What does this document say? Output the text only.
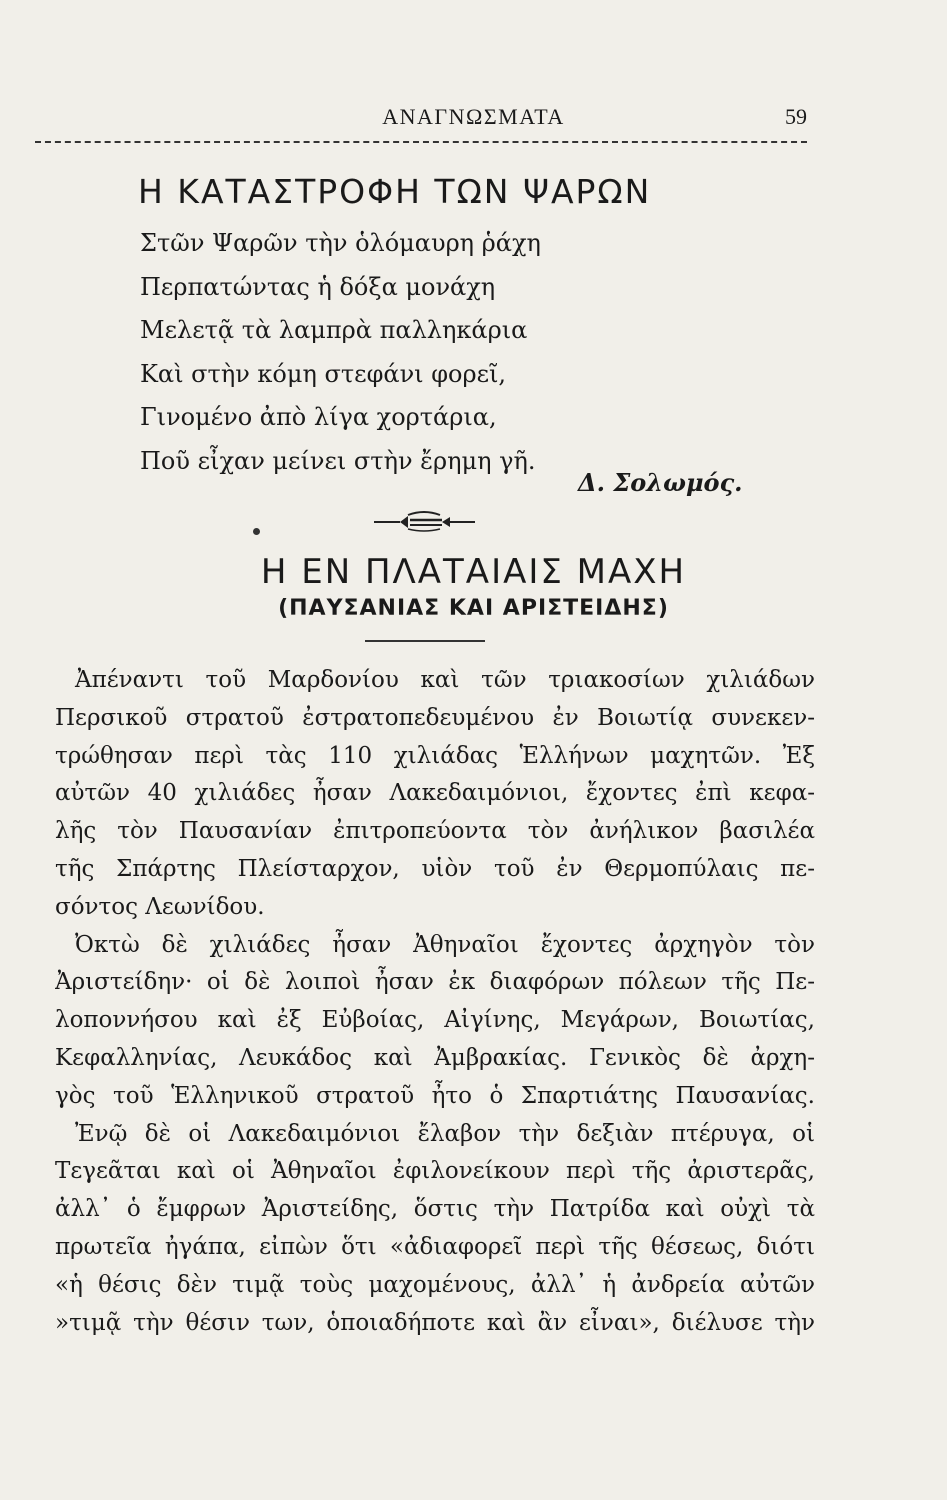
ΑΝΑΓΝΩΣΜΑΤΑ	59
Η ΚΑΤΑΣΤΡΟΦΗ ΤΩΝ ΨΑΡΩΝ
Στῶν Ψαρῶν τὴν ὁλόμαυρη ῥάχη
Περπατώντας ἡ δόξα μονάχη
Μελετᾷ τὰ λαμπρὰ παλληκάρια
Καὶ στὴν κόμη στεφάνι φορεῖ,
Γινομένο ἀπὸ λίγα χορτάρια,
Ποῦ εἶχαν μείνει στὴν ἔρημη γῆ.
Δ. Σολωμός.
Η ΕΝ ΠΛΑΤΑΙΑΙΣ ΜΑΧΗ
(ΠΑΥΣΑΝΙΑΣ ΚΑΙ ΑΡΙΣΤΕΙΔΗΣ)
Ἀπέναντι τοῦ Μαρδονίου καὶ τῶν τριακοσίων χιλιάδων
Περσικοῦ στρατοῦ ἐστρατοπεδευμένου ἐν Βοιωτίᾳ συνεκεν-
τρώθησαν περὶ τὰς 110 χιλιάδας Ἑλλήνων μαχητῶν. Ἐξ
αὐτῶν 40 χιλιάδες ἦσαν Λακεδαιμόνιοι, ἔχοντες ἐπὶ κεφα-
λῆς τὸν Παυσανίαν ἐπιτροπεύοντα τὸν ἀνήλικον βασιλέα
τῆς Σπάρτης Πλείσταρχον, υἱὸν τοῦ ἐν Θερμοπύλαις πε-
σόντος Λεωνίδου.
Ὀκτὼ δὲ χιλιάδες ἦσαν Ἀθηναῖοι ἔχοντες ἀρχηγὸν τὸν
Ἀριστείδην· οἱ δὲ λοιποὶ ἦσαν ἐκ διαφόρων πόλεων τῆς Πε-
λοποννήσου καὶ ἐξ Εὐβοίας, Αἰγίνης, Μεγάρων, Βοιωτίας,
Κεφαλληνίας, Λευκάδος καὶ Ἀμβρακίας. Γενικὸς δὲ ἀρχη-
γὸς τοῦ Ἑλληνικοῦ στρατοῦ ἦτο ὁ Σπαρτιάτης Παυσανίας.
Ἐνῷ δὲ οἱ Λακεδαιμόνιοι ἔλαβον τὴν δεξιὰν πτέρυγα, οἱ
Τεγεᾶται καὶ οἱ Ἀθηναῖοι ἐφιλονείκουν περὶ τῆς ἀριστερᾶς,
ἀλλ᾽ ὁ ἔμφρων Ἀριστείδης, ὅστις τὴν Πατρίδα καὶ οὐχὶ τὰ
πρωτεῖα ἠγάπα, εἰπὼν ὅτι «ἀδιαφορεῖ περὶ τῆς θέσεως, διότι
«ἡ θέσις δὲν τιμᾷ τοὺς μαχομένους, ἀλλ᾽ ἡ ἀνδρεία αὐτῶν
»τιμᾷ τὴν θέσιν των, ὁποιαδήποτε καὶ ἂν εἶναι», διέλυσε τὴν
